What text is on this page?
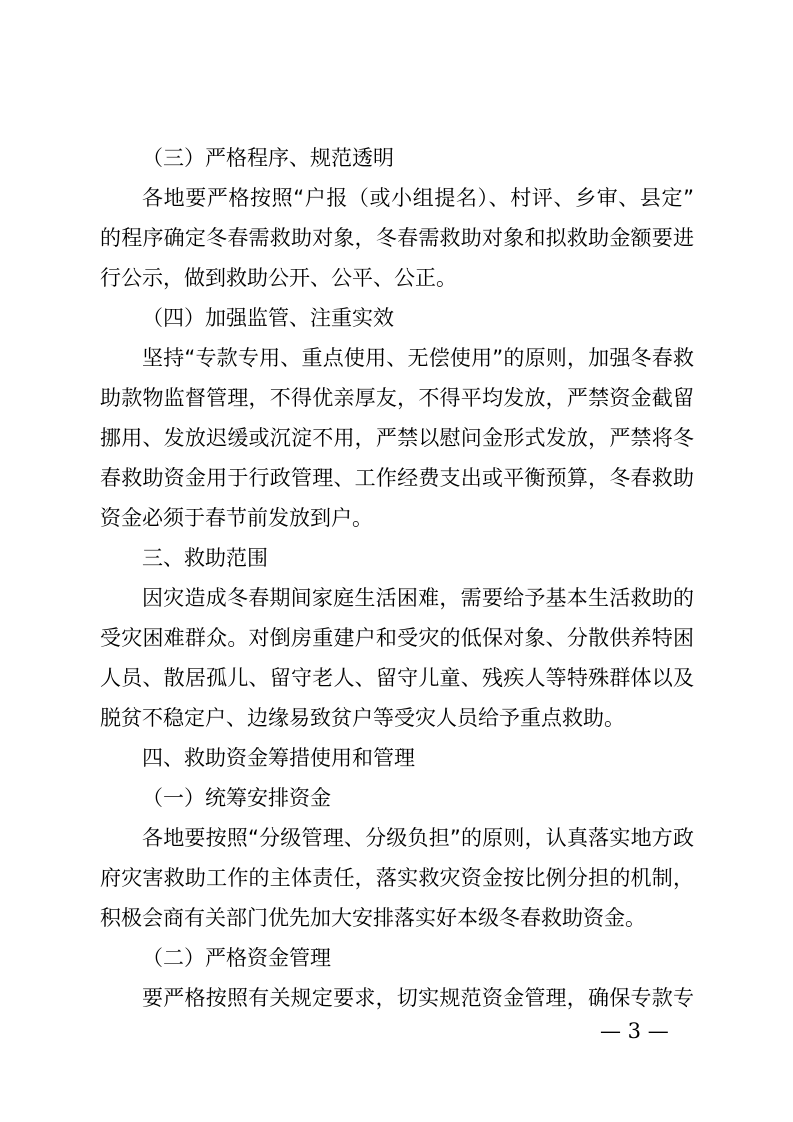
（三）严格程序、规范透明
各地要严格按照“户报（或小组提名）、村评、乡审、县定”
的程序确定冬春需救助对象，冬春需救助对象和拟救助金额要进
行公示，做到救助公开、公平、公正。
（四）加强监管、注重实效
坚持“专款专用、重点使用、无偿使用”的原则，加强冬春救
助款物监督管理，不得优亲厚友，不得平均发放，严禁资金截留
挪用、发放迟缓或沉淀不用，严禁以慰问金形式发放，严禁将冬
春救助资金用于行政管理、工作经费支出或平衡预算，冬春救助
资金必须于春节前发放到户。
三、救助范围
因灾造成冬春期间家庭生活困难，需要给予基本生活救助的
受灾困难群众。对倒房重建户和受灾的低保对象、分散供养特困
人员、散居孤儿、留守老人、留守儿童、残疾人等特殊群体以及
脱贫不稳定户、边缘易致贫户等受灾人员给予重点救助。
四、救助资金筹措使用和管理
（一）统筹安排资金
各地要按照“分级管理、分级负担”的原则，认真落实地方政
府灾害救助工作的主体责任，落实救灾资金按比例分担的机制，
积极会商有关部门优先加大安排落实好本级冬春救助资金。
（二）严格资金管理
要严格按照有关规定要求，切实规范资金管理，确保专款专
— 3 —
